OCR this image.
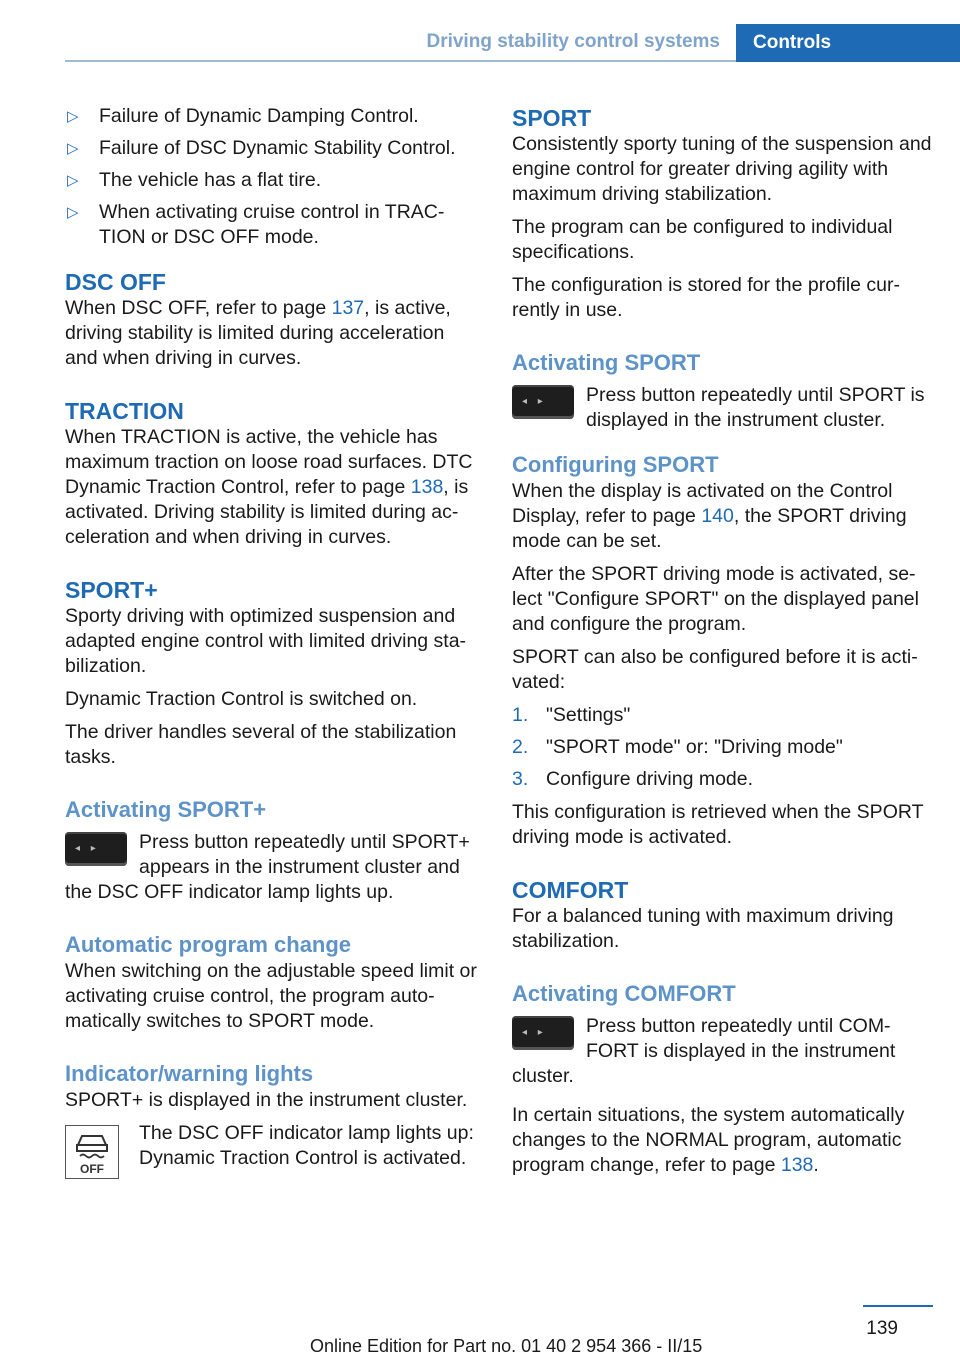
Driving stability control systems	Controls
▷ Failure of Dynamic Damping Control.
▷ Failure of DSC Dynamic Stability Control.
▷ The vehicle has a flat tire.
▷ When activating cruise control in TRAC‐TION or DSC OFF mode.
DSC OFF

When DSC OFF, refer to page 137, is active, driving stability is limited during acceleration and when driving in curves.

TRACTION

When TRACTION is active, the vehicle has maximum traction on loose road surfaces. DTC Dynamic Traction Control, refer to page 138, is activated. Driving stability is limited during ac‐celeration and when driving in curves.

SPORT+

Sporty driving with optimized suspension and adapted engine control with limited driving sta‐bilization.

Dynamic Traction Control is switched on.

The driver handles several of the stabilization tasks.

Activating SPORT+
◂ ▸	Press button repeatedly until SPORT+ appears in the instrument cluster and the DSC OFF indicator lamp lights up.

Automatic program change

When switching on the adjustable speed limit or activating cruise control, the program auto‐matically switches to SPORT mode.

Indicator/warning lights

SPORT+ is displayed in the instrument cluster.

OFF

The DSC OFF indicator lamp lights up: Dynamic Traction Control is activated.

SPORT

Consistently sporty tuning of the suspension and engine control for greater driving agility with maximum driving stabilization.

The program can be configured to individual specifications.

The configuration is stored for the profile cur‐rently in use.

Activating SPORT
◂ ▸	Press button repeatedly until SPORT is displayed in the instrument cluster.

Configuring SPORT

When the display is activated on the Control Display, refer to page 140, the SPORT driving mode can be set.

After the SPORT driving mode is activated, se‐lect "Configure SPORT" on the displayed panel and configure the program.

SPORT can also be configured before it is acti‐vated:

1. "Settings"
2. "SPORT mode" or: "Driving mode"
3. Configure driving mode.

This configuration is retrieved when the SPORT driving mode is activated.

COMFORT

For a balanced tuning with maximum driving stabilization.

Activating COMFORT
◂ ▸	Press button repeatedly until COM‐FORT is displayed in the instrument cluster.

In certain situations, the system automatically changes to the NORMAL program, automatic program change, refer to page 138.

139
Online Edition for Part no. 01 40 2 954 366 - II/15
